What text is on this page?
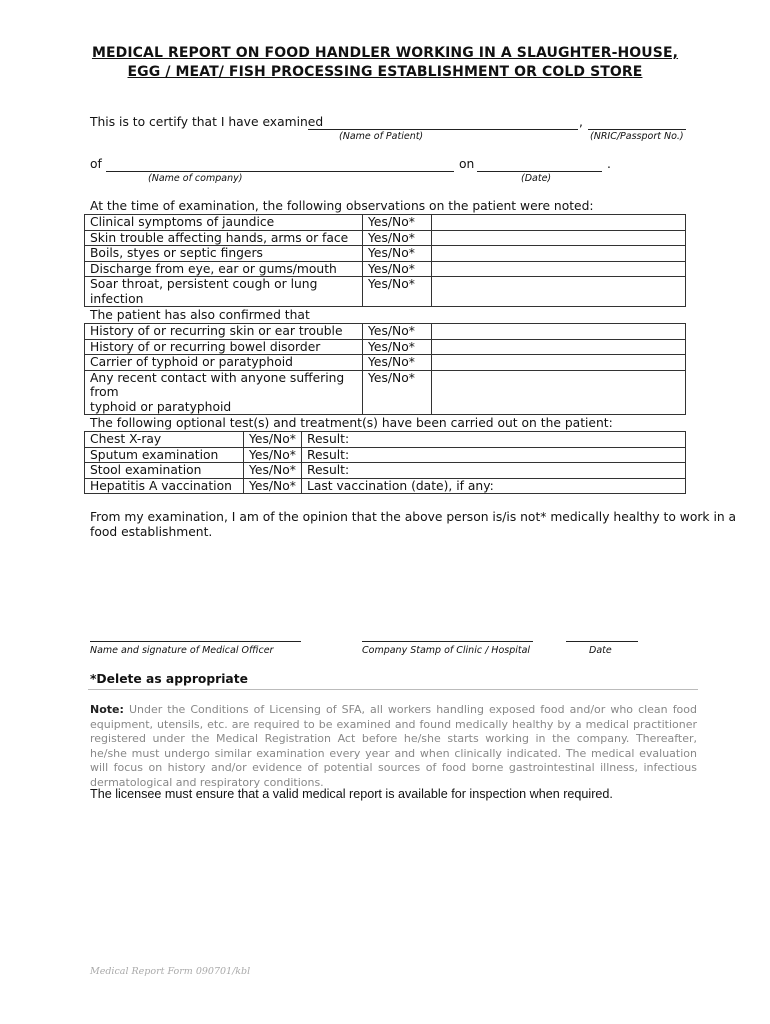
MEDICAL REPORT ON FOOD HANDLER WORKING IN A SLAUGHTER-HOUSE,
EGG / MEAT/ FISH PROCESSING ESTABLISHMENT OR COLD STORE
This is to certify that I have examined	,
(Name of Patient)	(NRIC/Passport No.)
of	on	.
(Name of company)	(Date)
At the time of examination, the following observations on the patient were noted:
Clinical symptoms of jaundice	Yes/No*	
Skin trouble affecting hands, arms or face	Yes/No*	
Boils, styes or septic fingers	Yes/No*	
Discharge from eye, ear or gums/mouth	Yes/No*	
Soar throat, persistent cough or lung infection	Yes/No*	
The patient has also confirmed that
History of or recurring skin or ear trouble	Yes/No*	
History of or recurring bowel disorder	Yes/No*	
Carrier of typhoid or paratyphoid	Yes/No*	

Any recent contact with anyone suffering from
typhoid or paratyphoid	Yes/No*	
The following optional test(s) and treatment(s) have been carried out on the patient:
Chest X-ray	Yes/No*	Result:
Sputum examination	Yes/No*	Result:
Stool examination	Yes/No*	Result:
Hepatitis A vaccination	Yes/No*	Last vaccination (date), if any:
From my examination, I am of the opinion that the above person is/is not* medically healthy to work in a
food establishment.
Name and signature of Medical Officer	Company Stamp of Clinic / Hospital	Date
*Delete as appropriate
Note: Under the Conditions of Licensing of SFA, all workers handling exposed food and/or who clean food equipment, utensils, etc. are required to be examined and found medically healthy by a medical practitioner registered under the Medical Registration Act before he/she starts working in the company. Thereafter, he/she must undergo similar examination every year and when clinically indicated. The medical evaluation will focus on history and/or evidence of potential sources of food borne gastrointestinal illness, infectious dermatological and respiratory conditions.
The licensee must ensure that a valid medical report is available for inspection when required.
Medical Report Form 090701/kbl
